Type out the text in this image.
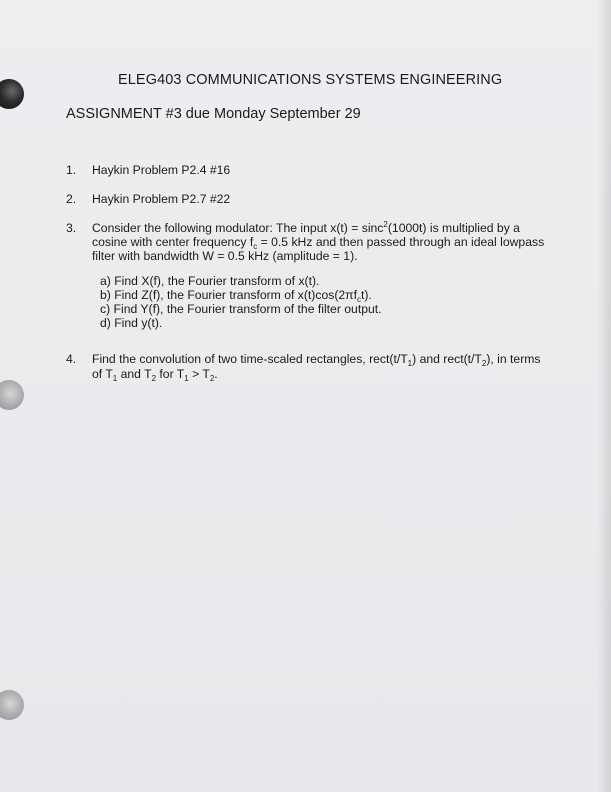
ELEG403 COMMUNICATIONS SYSTEMS ENGINEERING
ASSIGNMENT #3 due Monday September 29
1. Haykin Problem P2.4 #16
2. Haykin Problem P2.7 #22
3. Consider the following modulator: The input x(t) = sinc$^2$(1000t) is multiplied by a
cosine with center frequency $f_c = 0.5$ kHz and then passed through an ideal lowpass
filter with bandwidth W = 0.5 kHz (amplitude = 1).
a) Find X(f), the Fourier transform of x(t).
b) Find Z(f), the Fourier transform of $x(t)\cos(2\pi f_ct)$.
c) Find Y(f), the Fourier transform of the filter output.
d) Find y(t).
4. Find the convolution of two time-scaled rectangles, $rect(t/T_1)$ and $rect(t/T_2)$, in terms
of $T_1$ and $T_2$ for $T_1 > T_2$.
